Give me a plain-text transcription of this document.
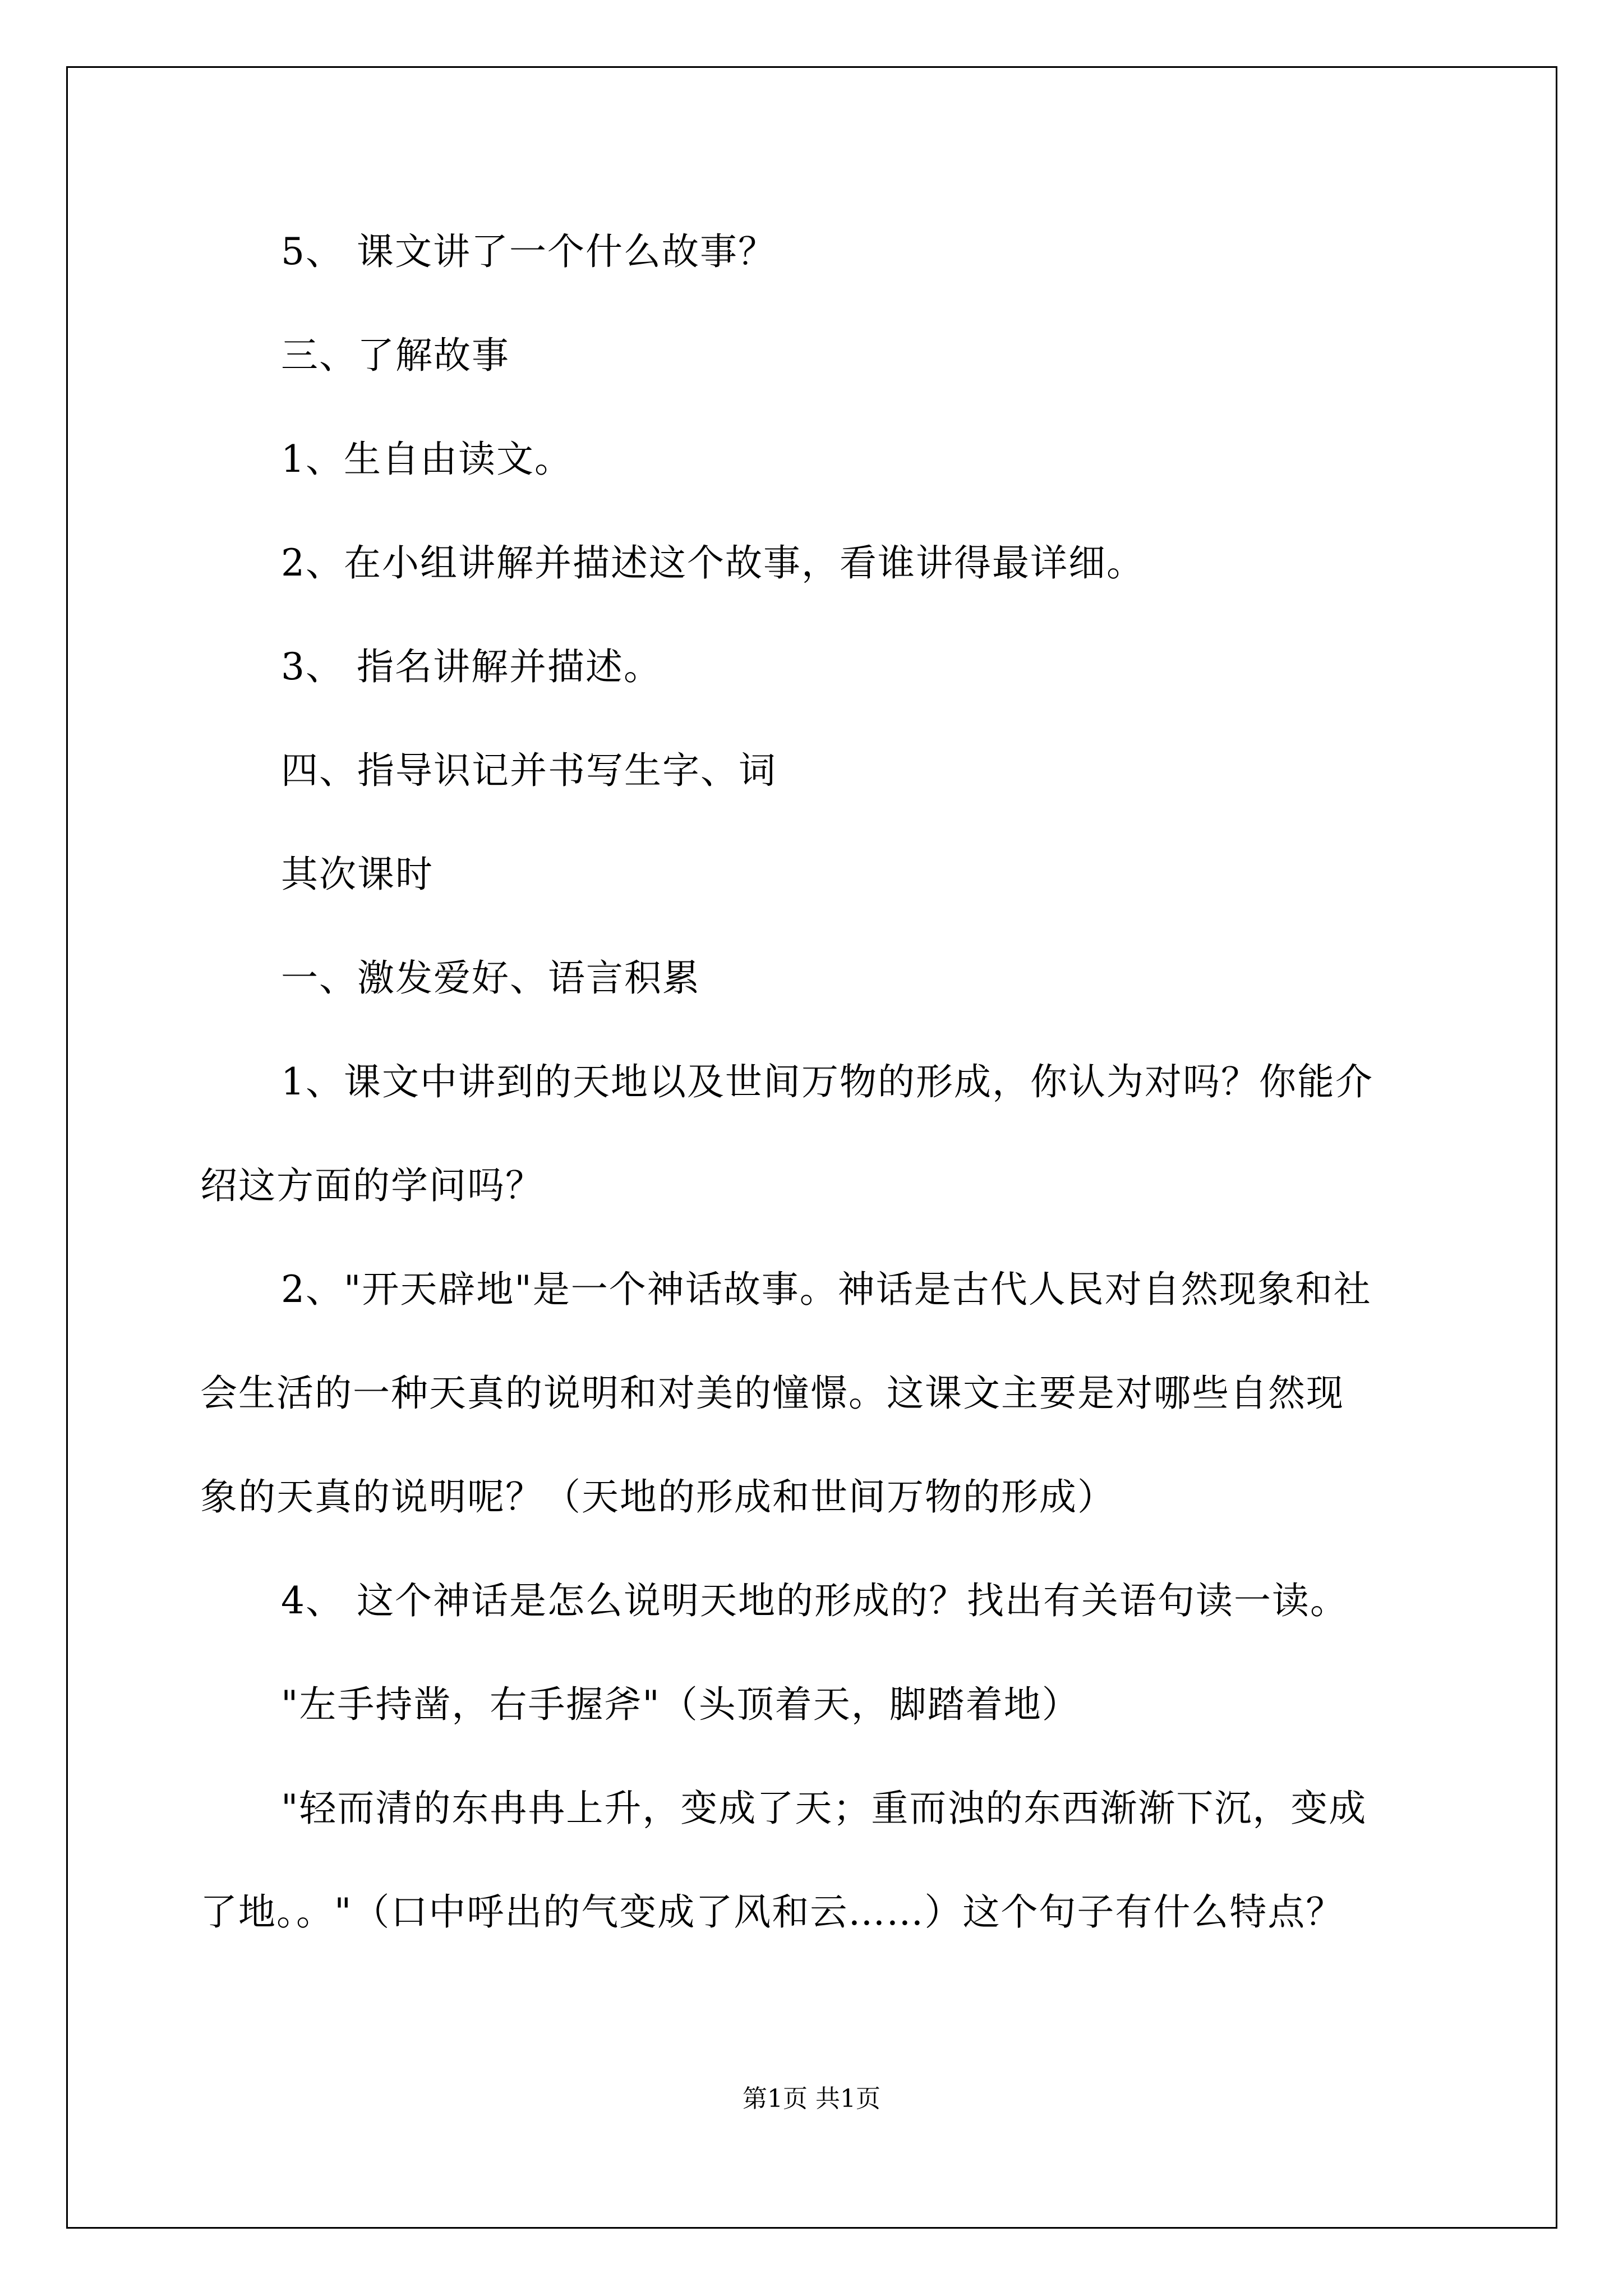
5、 课文讲了一个什么故事？
三、了解故事
1、生自由读文。
2、在小组讲解并描述这个故事，看谁讲得最详细。
3、 指名讲解并描述。
四、指导识记并书写生字、词
其次课时
一、激发爱好、语言积累
1、课文中讲到的天地以及世间万物的形成，你认为对吗？你能介
绍这方面的学问吗？
2、"开天辟地"是一个神话故事。神话是古代人民对自然现象和社
会生活的一种天真的说明和对美的憧憬。这课文主要是对哪些自然现
象的天真的说明呢？（天地的形成和世间万物的形成）
4、 这个神话是怎么说明天地的形成的？找出有关语句读一读。
"左手持凿，右手握斧"（头顶着天，脚踏着地）
"轻而清的东冉冉上升，变成了天；重而浊的东西渐渐下沉，变成
了地。。"（口中呼出的气变成了风和云……）这个句子有什么特点？
第1页 共1页
